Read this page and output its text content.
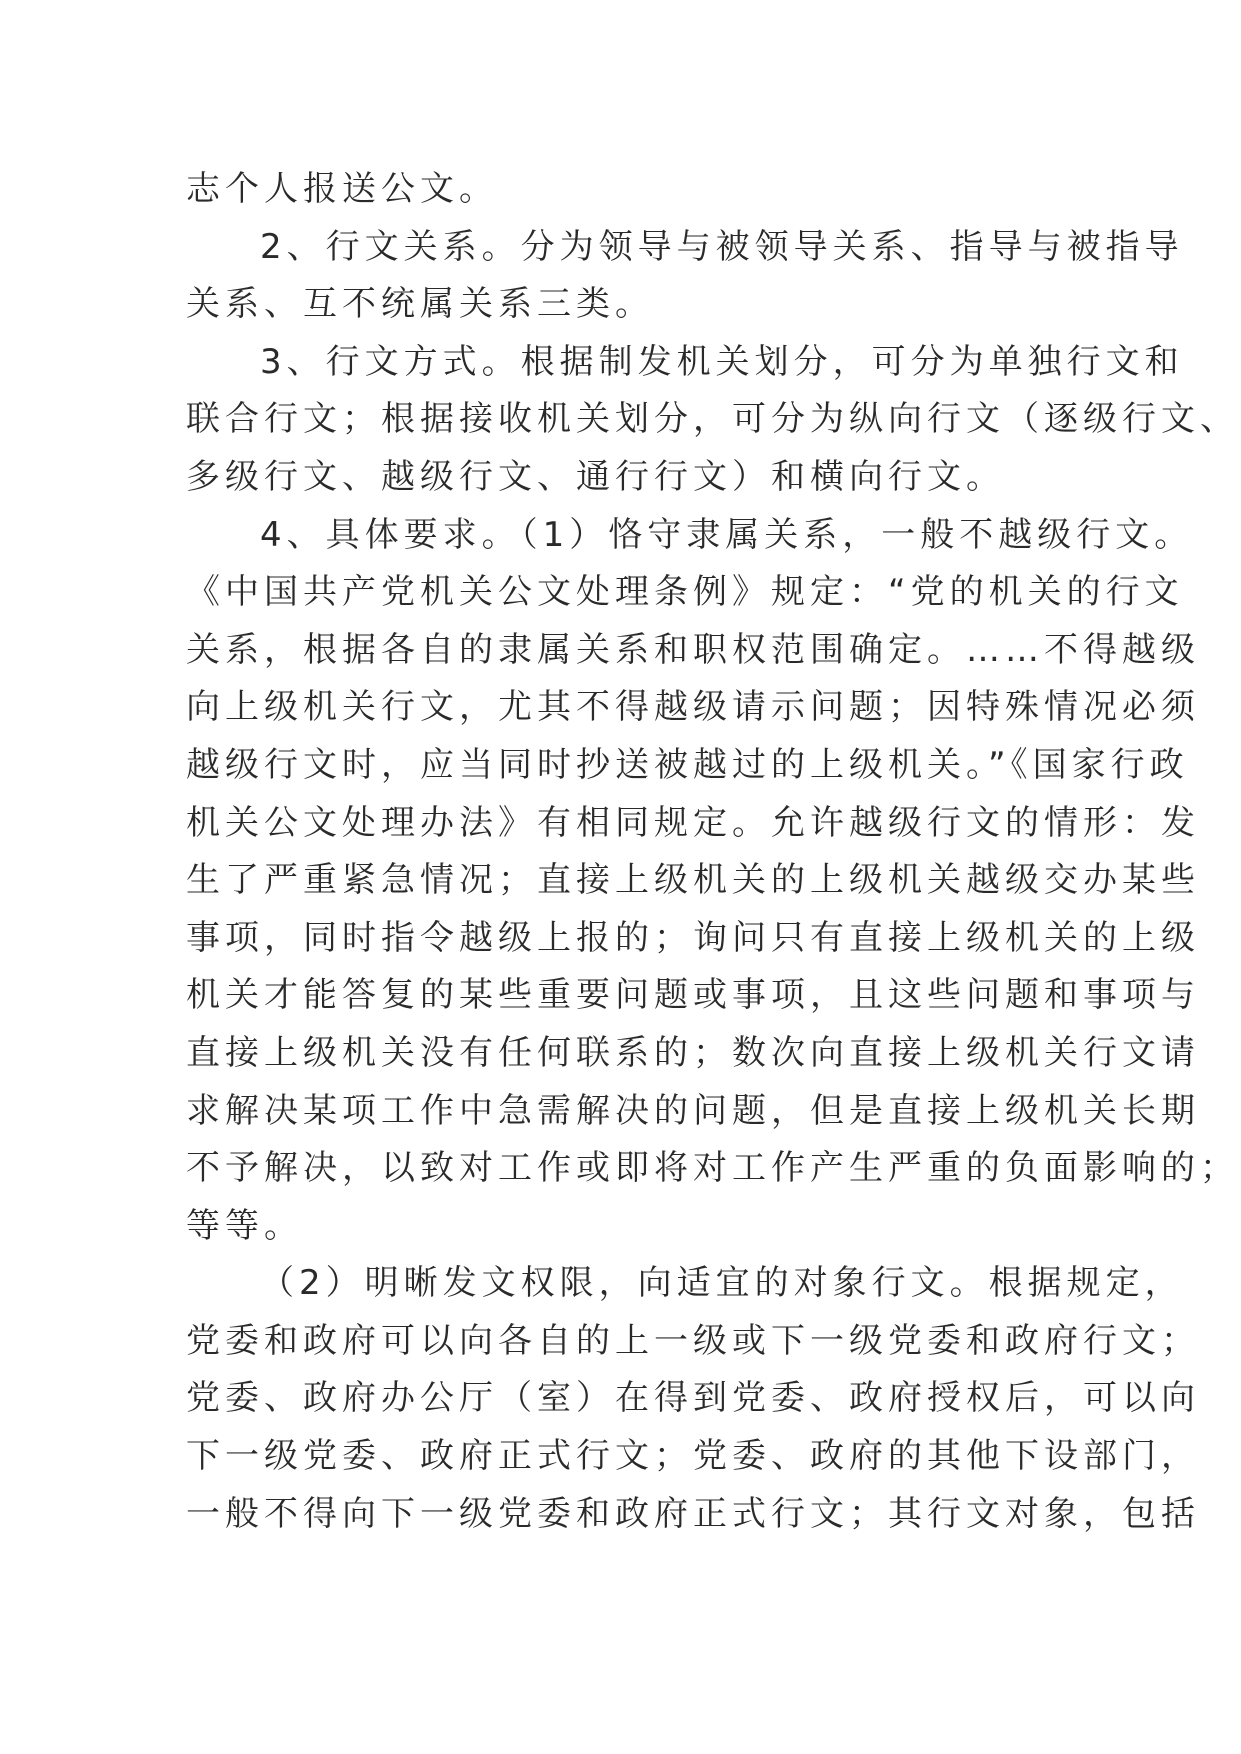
志个人报送公文。
2、行文关系。分为领导与被领导关系、指导与被指导
关系、互不统属关系三类。
3、行文方式。根据制发机关划分，可分为单独行文和
联合行文；根据接收机关划分，可分为纵向行文（逐级行文、
多级行文、越级行文、通行行文）和横向行文。
4、具体要求。（1）恪守隶属关系，一般不越级行文。
《中国共产党机关公文处理条例》规定：“党的机关的行文
关系，根据各自的隶属关系和职权范围确定。……不得越级
向上级机关行文，尤其不得越级请示问题；因特殊情况必须
越级行文时，应当同时抄送被越过的上级机关。”《国家行政
机关公文处理办法》有相同规定。允许越级行文的情形：发
生了严重紧急情况；直接上级机关的上级机关越级交办某些
事项，同时指令越级上报的；询问只有直接上级机关的上级
机关才能答复的某些重要问题或事项，且这些问题和事项与
直接上级机关没有任何联系的；数次向直接上级机关行文请
求解决某项工作中急需解决的问题，但是直接上级机关长期
不予解决，以致对工作或即将对工作产生严重的负面影响的；
等等。
（2）明晰发文权限，向适宜的对象行文。根据规定，
党委和政府可以向各自的上一级或下一级党委和政府行文；
党委、政府办公厅（室）在得到党委、政府授权后，可以向
下一级党委、政府正式行文；党委、政府的其他下设部门，
一般不得向下一级党委和政府正式行文；其行文对象，包括
